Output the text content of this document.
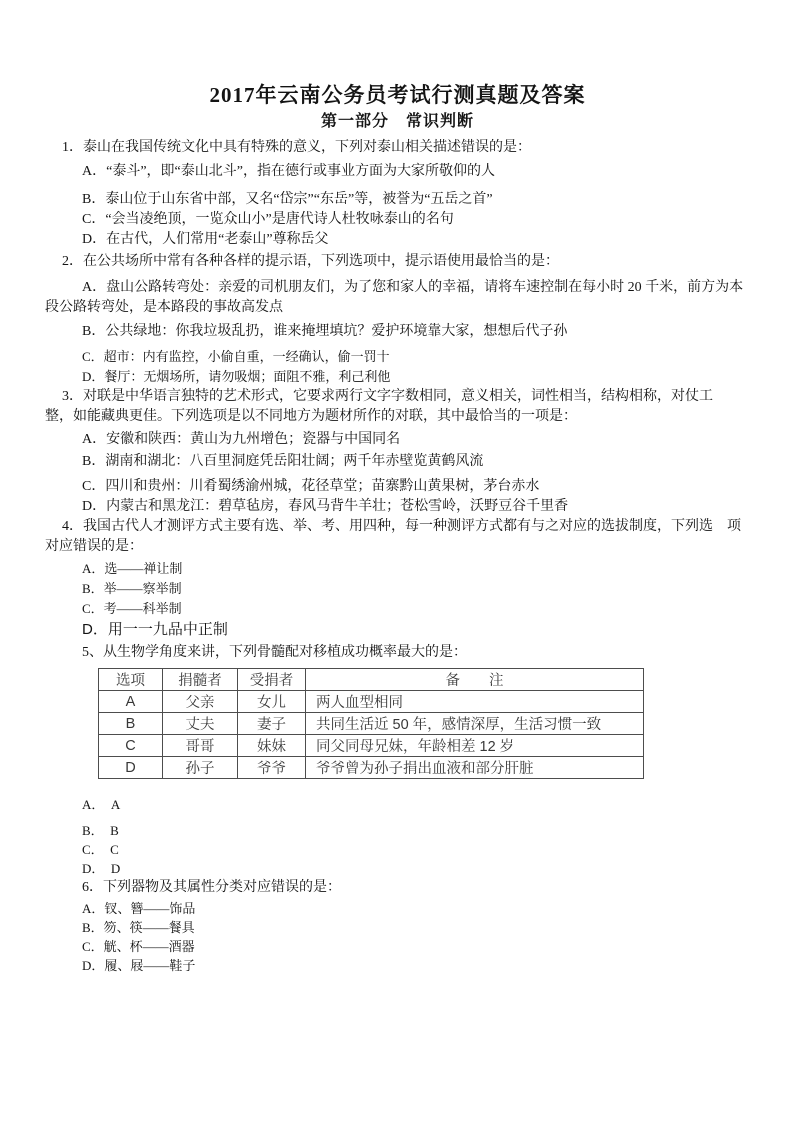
2017年云南公务员考试行测真题及答案
第一部分　常识判断

1．泰山在我国传统文化中具有特殊的意义，下列对泰山相关描述错误的是：

A．“泰斗”，即“泰山北斗”，指在德行或事业方面为大家所敬仰的人

B．泰山位于山东省中部，又名“岱宗”“东岳”等，被誉为“五岳之首”

C．“会当凌绝顶，一览众山小”是唐代诗人杜牧咏泰山的名句

D．在古代，人们常用“老泰山”尊称岳父

2．在公共场所中常有各种各样的提示语，下列选项中，提示语使用最恰当的是：

A．盘山公路转弯处：亲爱的司机朋友们，为了您和家人的幸福，请将车速控制在每小时 20 千米，前方为本段公路转弯处，是本路段的事故高发点

B．公共绿地：你我垃圾乱扔，谁来掩埋填坑？爱护环境靠大家，想想后代子孙

C．超市：内有监控，小偷自重，一经确认，偷一罚十

D．餐厅：无烟场所，请勿吸烟；面阻不雅，利己利他

3．对联是中华语言独特的艺术形式，它要求两行文字字数相同，意义相关，词性相当，结构相称，对仗工　整，如能藏典更佳。下列选项是以不同地方为题材所作的对联，其中最恰当的一项是：

A．安徽和陕西：黄山为九州增色；瓷器与中国同名

B．湖南和湖北：八百里洞庭凭岳阳壮阔；两千年赤壁览黄鹤风流

C．四川和贵州：川肴蜀绣渝州城，花径草堂；苗寨黔山黄果树，茅台赤水

D．内蒙古和黑龙江：碧草毡房，春风马背牛羊壮；苍松雪岭，沃野豆谷千里香

4．我国古代人才测评方式主要有选、举、考、用四种，每一种测评方式都有与之对应的选拔制度，下列选　项对应错误的是：

A．选——禅让制

B．举——察举制

C．考——科举制

D．用一一九品中正制

5、从生物学角度来讲，下列骨髓配对移植成功概率最大的是：

选项	捐髓者	受捐者	备　　注
A	父亲	女儿	两人血型相同
B	丈夫	妻子	共同生活近 50 年，感情深厚，生活习惯一致
C	哥哥	妹妹	同父同母兄妹，年龄相差 12 岁
D	孙子	爷爷	爷爷曾为孙子捐出血液和部分肝脏

A．　A

B．　B

C．　C

D．　D

6．下列器物及其属性分类对应错误的是：

A．钗、簪——饰品

B．笏、筷——餐具

C．觥、杯——酒器

D．履、屐——鞋子
